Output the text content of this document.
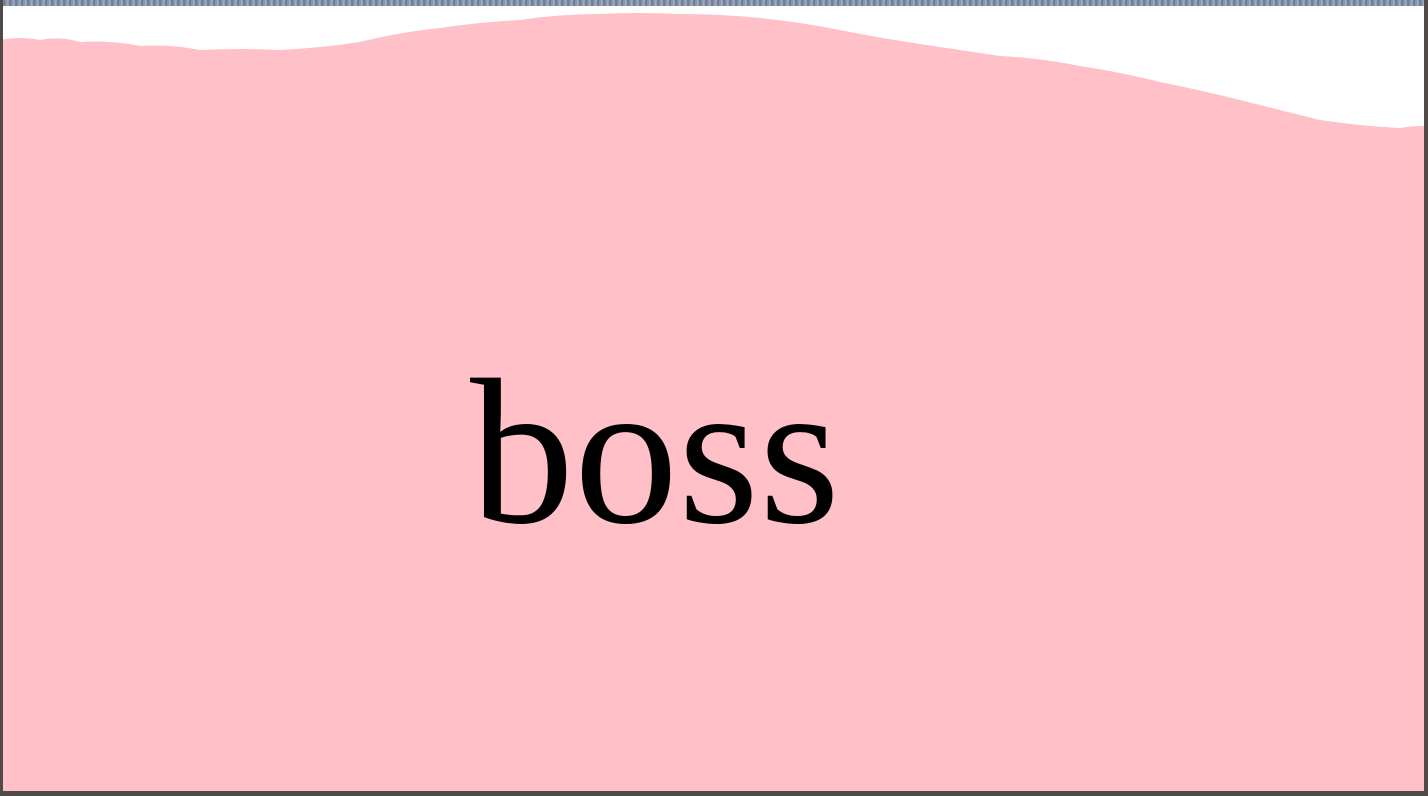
boss
